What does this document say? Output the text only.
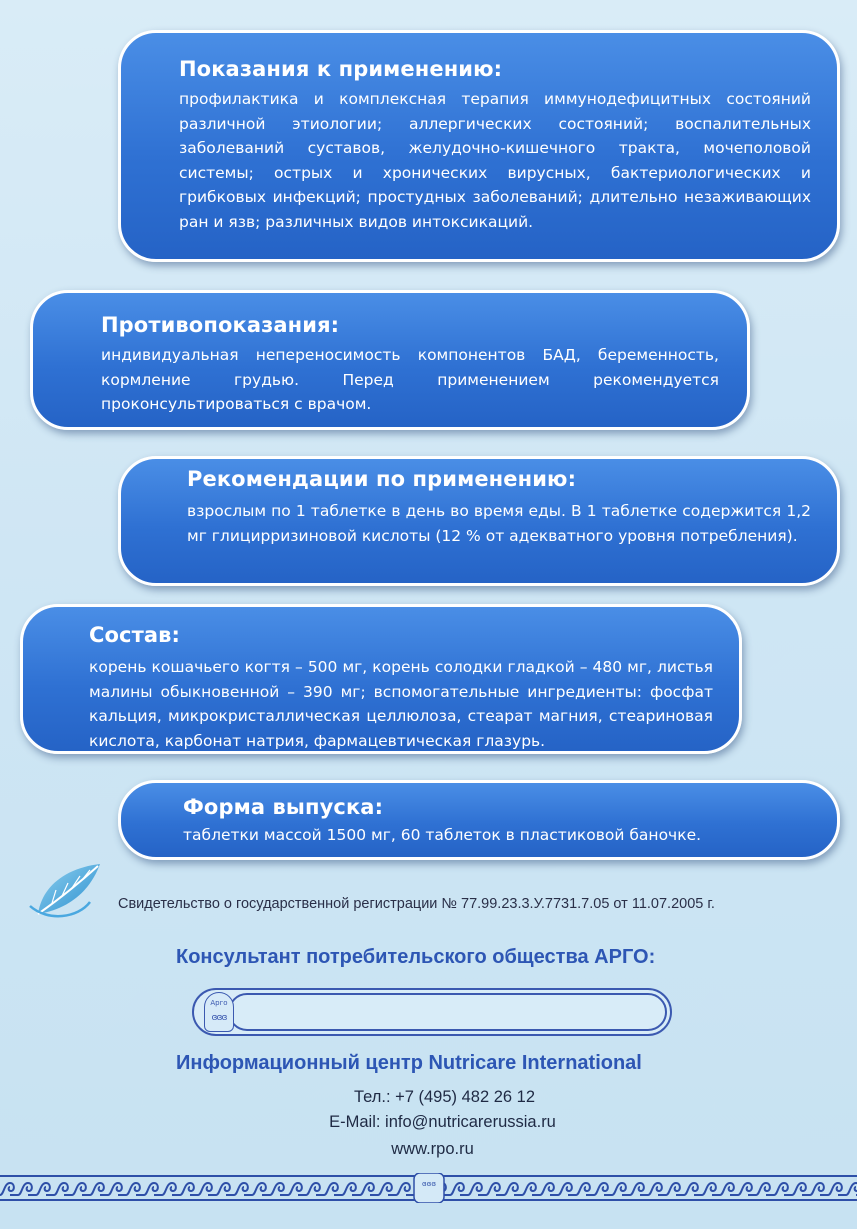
Показания к применению:

профилактика и комплексная терапия иммунодефицитных состояний различной этиологии; аллергических состояний; воспалительных заболеваний суставов, желудочно-кишечного тракта, мочеполовой системы; острых и хронических вирусных, бактериологических и грибковых инфекций; простудных заболеваний; длительно незаживающих ран и язв; различных видов интоксикаций.

Противопоказания:

индивидуальная непереносимость компонентов БАД, беременность, кормление грудью. Перед применением рекомендуется проконсультироваться с врачом.

Рекомендации по применению:

взрослым по 1 таблетке в день во время еды. В 1 таблетке содержится 1,2 мг глицирризиновой кислоты (12 % от адекватного уровня потребления).

Состав:

корень кошачьего когтя – 500 мг, корень солодки гладкой – 480 мг, листья малины обыкновенной – 390 мг; вспомогательные ингредиенты: фосфат кальция, микрокристаллическая целлюлоза, стеарат магния, стеариновая кислота, карбонат натрия, фармацевтическая глазурь.

Форма выпуска:

таблетки массой 1500 мг, 60 таблеток в пластиковой баночке.

Свидетельство о государственной регистрации № 77.99.23.3.У.7731.7.05 от 11.07.2005 г.
Консультант потребительского общества АРГО:
Арго
ɞɞɞ
Информационный центр Nutricare International
Тел.: +7 (495) 482 26 12
E-Mail: info@nutricarerussia.ru
www.rpo.ru
ɞɞɞ
